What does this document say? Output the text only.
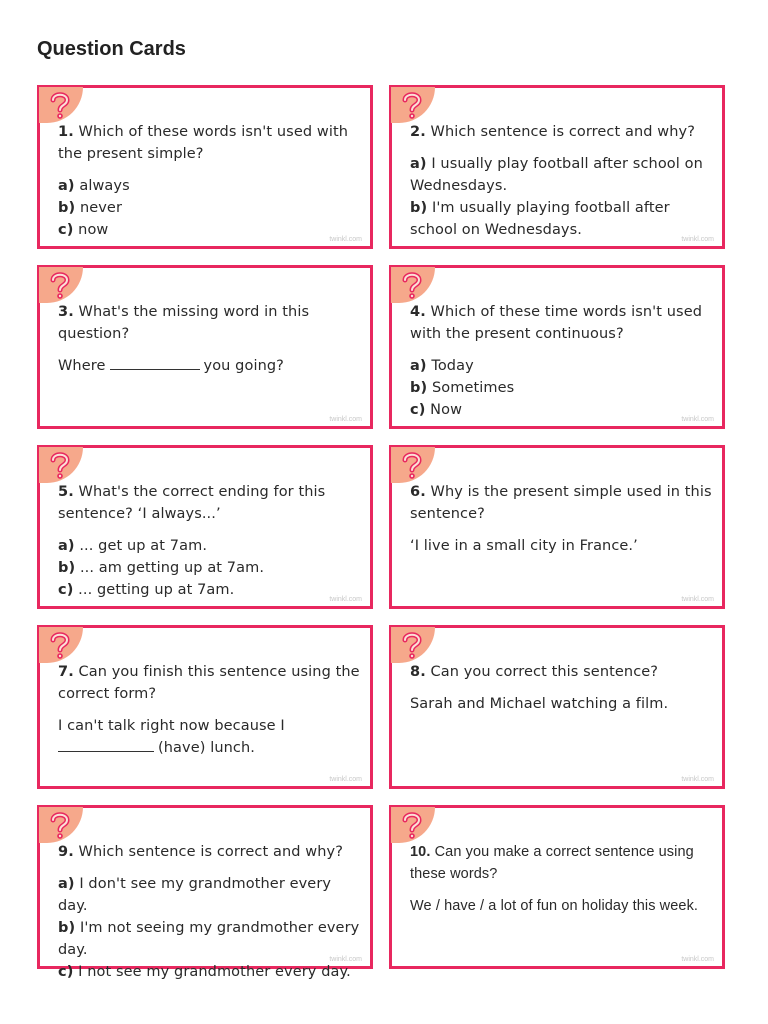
Question Cards

1. Which of these words isn't used with the present simple?

a) always

b) never

c) now

twinkl.com

2. Which sentence is correct and why?

a) I usually play football after school on Wednesdays.

b) I'm usually playing football after school on Wednesdays.

twinkl.com

3. What's the missing word in this question?

Where	you going?

twinkl.com

4. Which of these time words isn't used with the present continuous?

a) Today

b) Sometimes

c) Now

twinkl.com

5. What's the correct ending for this sentence? ‘I always...’

a) ... get up at 7am.

b) ... am getting up at 7am.

c) ... getting up at 7am.

twinkl.com

6. Why is the present simple used in this sentence?

‘I live in a small city in France.’

twinkl.com

7. Can you finish this sentence using the correct form?

I can't talk right now because I

(have) lunch.

twinkl.com

8. Can you correct this sentence?

Sarah and Michael watching a film.

twinkl.com

9. Which sentence is correct and why?

a) I don't see my grandmother every day.

b) I'm not seeing my grandmother every day.

c) I not see my grandmother every day.

twinkl.com

10. Can you make a correct sentence using these words?

We / have / a lot of fun on holiday this week.

twinkl.com
